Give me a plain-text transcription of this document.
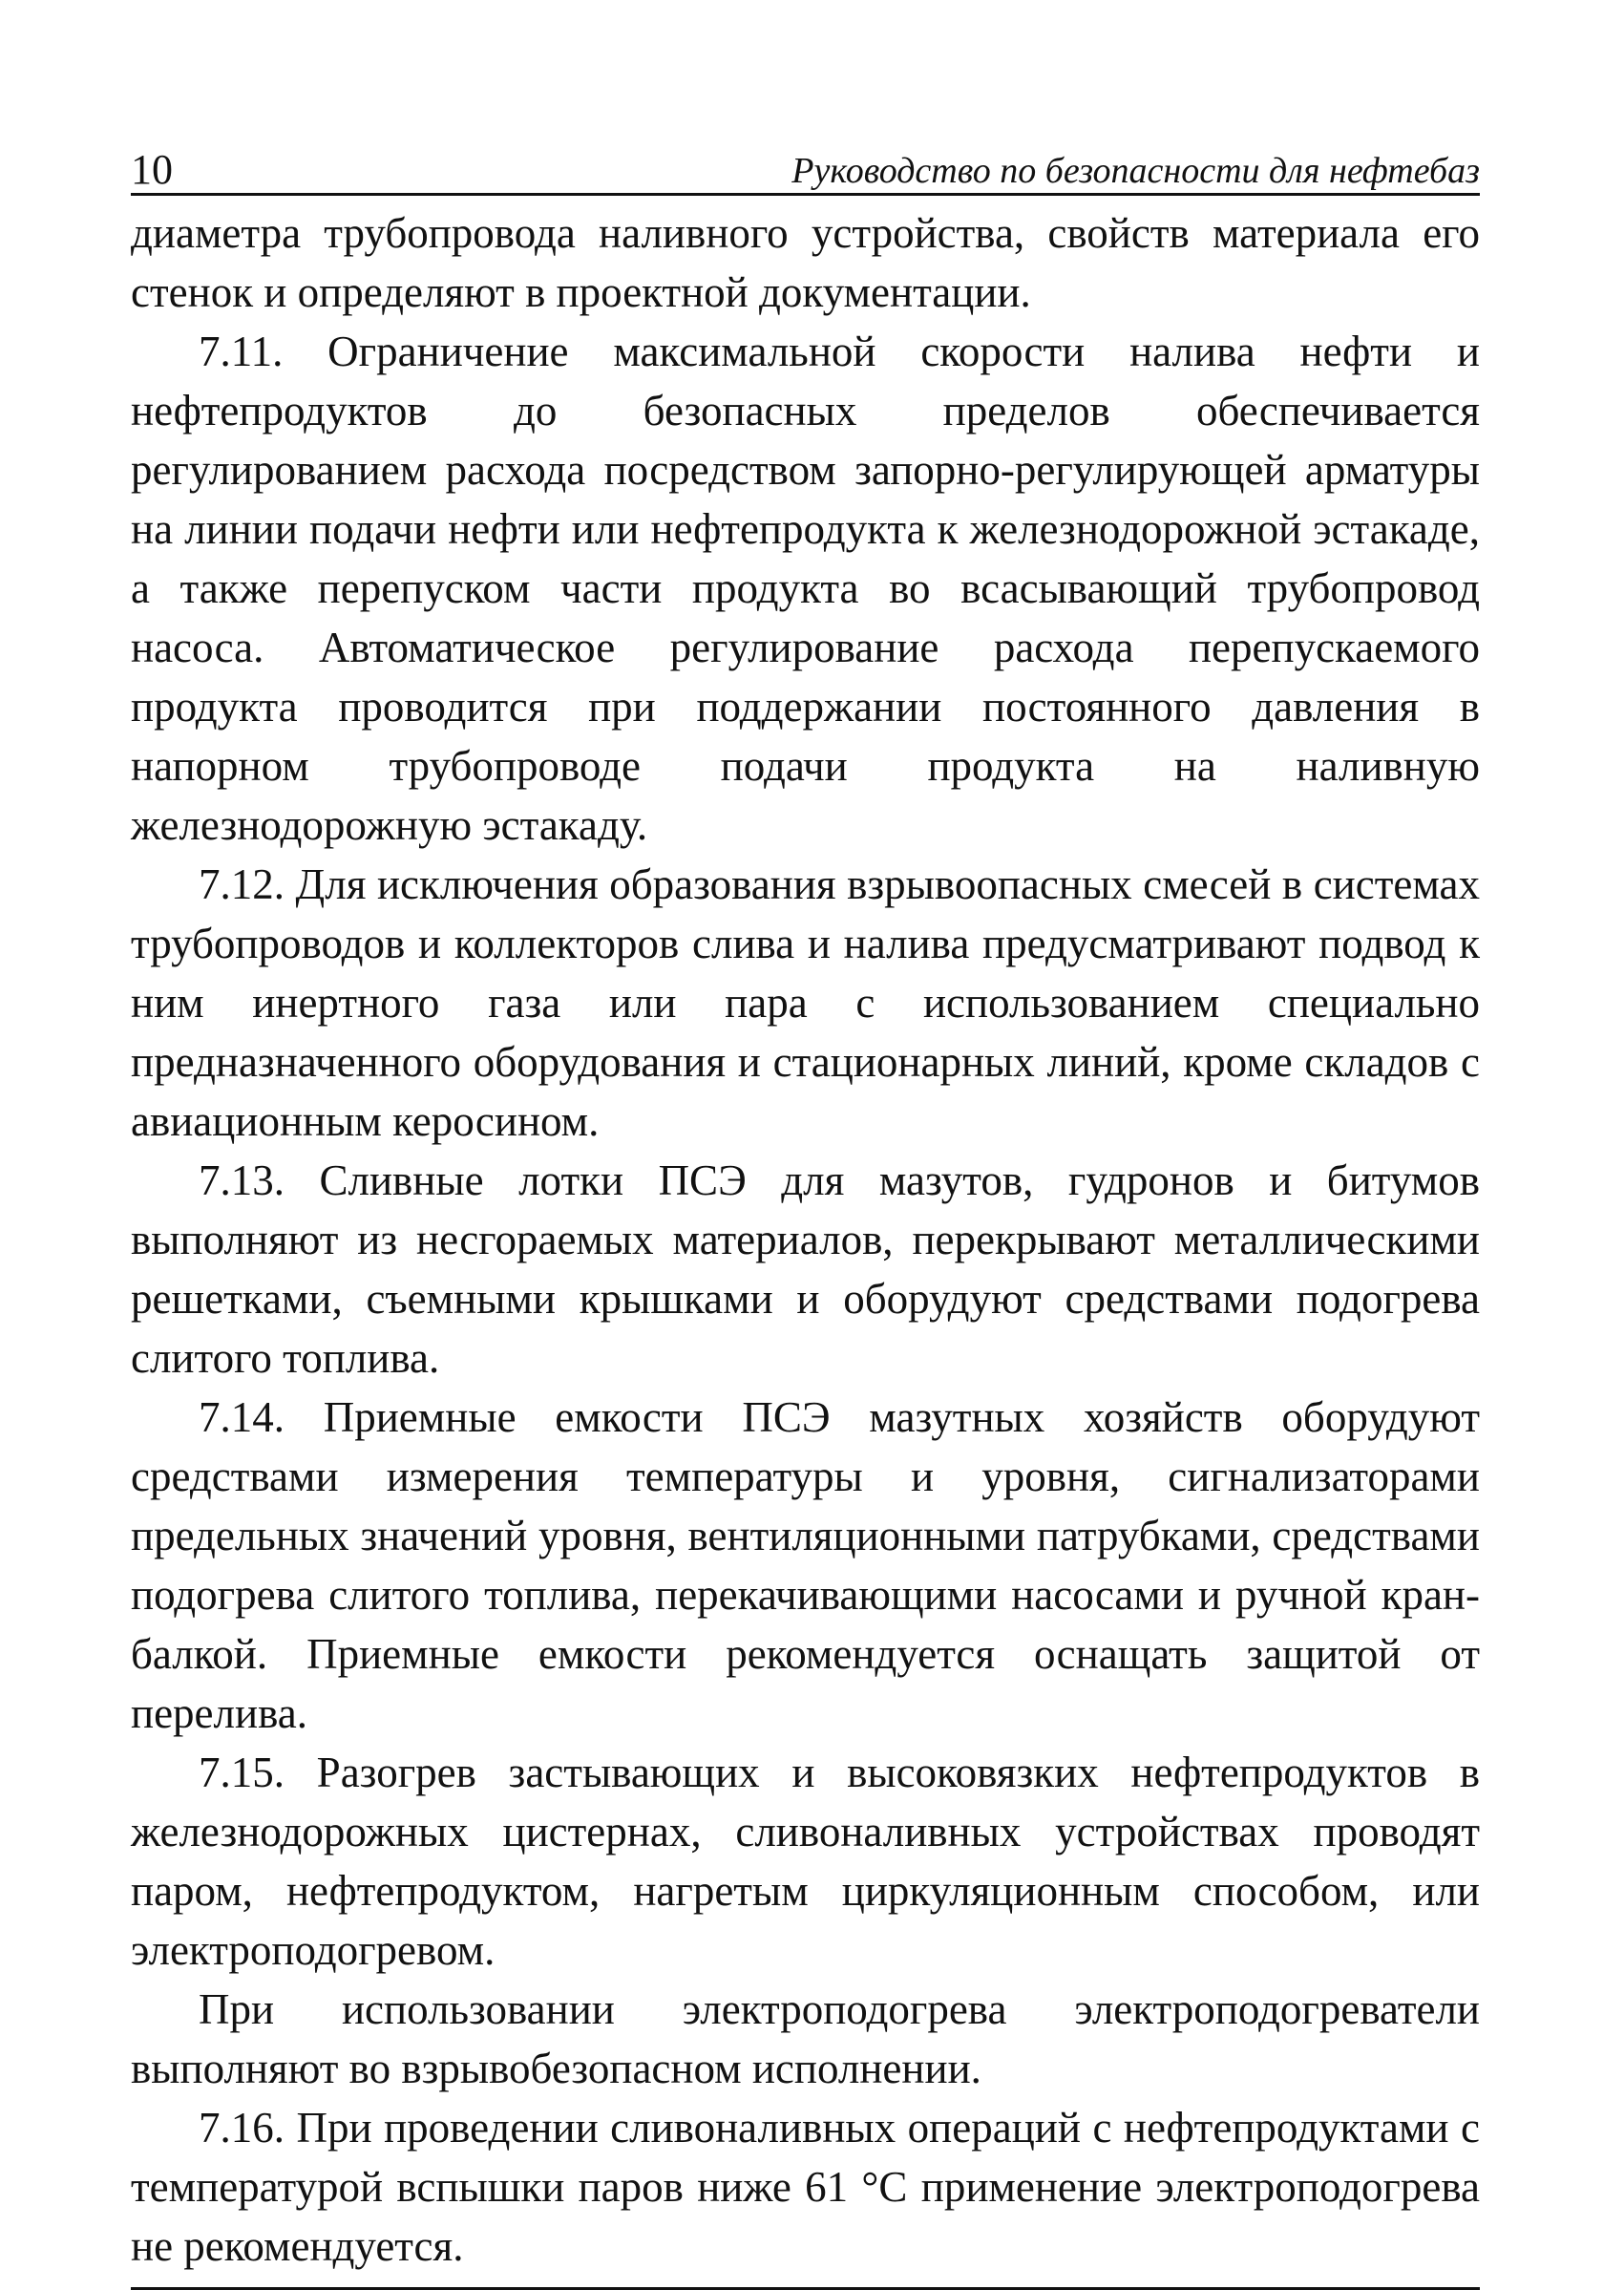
10	Руководство по безопасности для нефтебаз

диаметра трубопровода наливного устройства, свойств материала его стенок и определяют в проектной документации.

7.11. Ограничение максимальной скорости налива нефти и нефтепродуктов до безопасных пределов обеспечивается регулированием расхода посредством запорно-регулирующей арматуры на линии подачи нефти или нефтепродукта к железнодорожной эстакаде, а также перепуском части продукта во всасывающий трубопровод насоса. Автоматическое регулирование расхода перепускаемого продукта проводится при поддержании постоянного давления в напорном трубопроводе подачи продукта на наливную железнодорожную эстакаду.

7.12. Для исключения образования взрывоопасных смесей в системах трубопроводов и коллекторов слива и налива предусматривают подвод к ним инертного газа или пара с использованием специально предназначенного оборудования и стационарных линий, кроме складов с авиационным керосином.

7.13. Сливные лотки ПСЭ для мазутов, гудронов и битумов выполняют из несгораемых материалов, перекрывают металлическими решетками, съемными крышками и оборудуют средствами подогрева слитого топлива.

7.14. Приемные емкости ПСЭ мазутных хозяйств оборудуют средствами измерения температуры и уровня, сигнализаторами предельных значений уровня, вентиляционными патрубками, средствами подогрева слитого топлива, перекачивающими насосами и ручной кран-балкой. Приемные емкости рекомендуется оснащать защитой от перелива.

7.15. Разогрев застывающих и высоковязких нефтепродуктов в железнодорожных цистернах, сливоналивных устройствах проводят паром, нефтепродуктом, нагретым циркуляционным способом, или электроподогревом.

При использовании электроподогрева электроподогреватели выполняют во взрывобезопасном исполнении.

7.16. При проведении сливоналивных операций с нефтепродуктами с температурой вспышки паров ниже 61 °С применение электроподогрева не рекомендуется.
